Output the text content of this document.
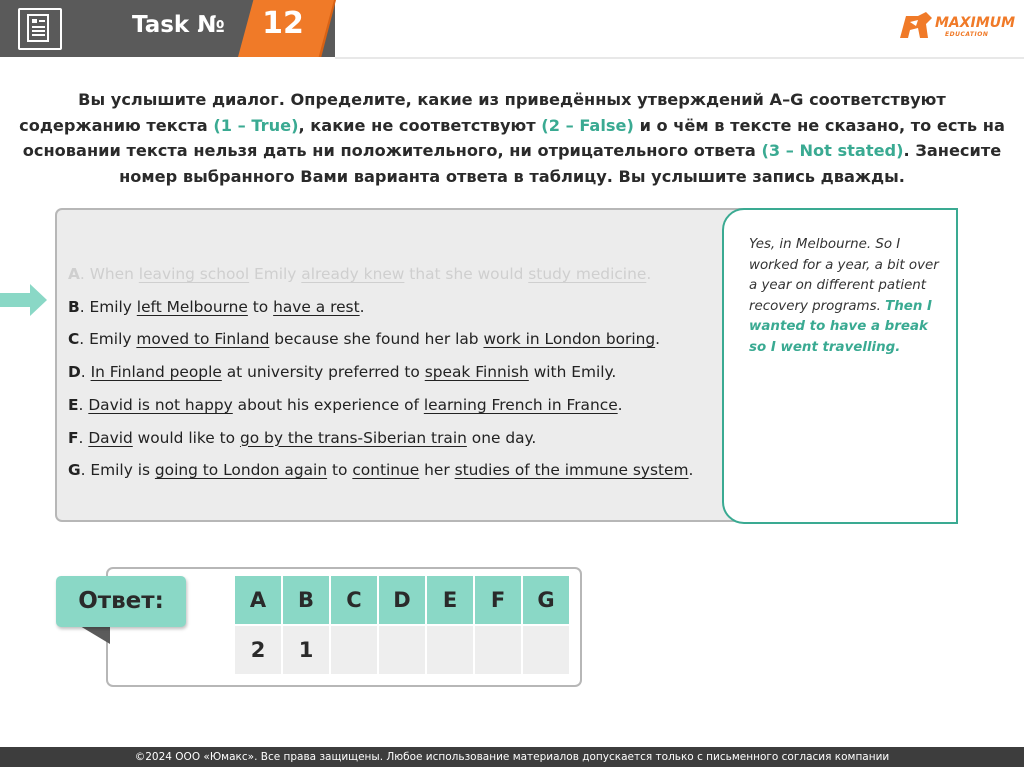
Task №	12	MAXIMUM
EDUCATION
Вы услышите диалог. Определите, какие из приведённых утверждений А–G соответствуют содержанию текста (1 – True), какие не соответствуют (2 – False) и о чём в тексте не сказано, то есть на основании текста нельзя дать ни положительного, ни отрицательного ответа (3 – Not stated). Занесите номер выбранного Вами варианта ответа в таблицу. Вы услышите запись дважды.
A. When leaving school Emily already knew that she would study medicine.
B. Emily left Melbourne to have a rest.
C. Emily moved to Finland because she found her lab work in London boring.
D. In Finland people at university preferred to speak Finnish with Emily.
E. David is not happy about his experience of learning French in France.
F. David would like to go by the trans-Siberian train one day.
G. Emily is going to London again to continue her studies of the immune system.
Yes, in Melbourne. So I worked for a year, a bit over a year on different patient recovery programs. Then I wanted to have a break so I went travelling.
Ответ:	A	B	C	D	E	F	G
2	1					
©2024 ООО «Юмакс». Все права защищены. Любое использование материалов допускается только с письменного согласия компании
